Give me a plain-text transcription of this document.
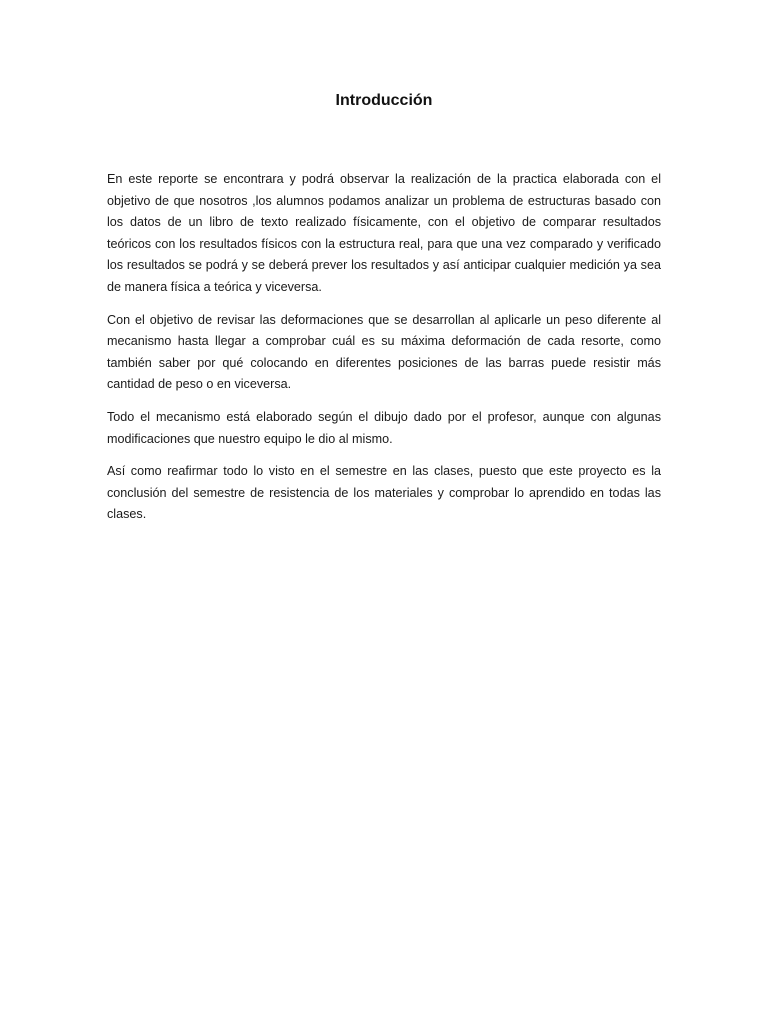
Introducción

En este reporte se encontrara y podrá observar la realización de la practica elaborada con el objetivo de que nosotros ,los alumnos podamos analizar un problema de estructuras basado con los datos de un libro de texto realizado físicamente, con el objetivo de comparar resultados teóricos con los resultados físicos con la estructura real, para que una vez comparado y verificado los resultados se podrá y se deberá prever los resultados y así anticipar cualquier medición ya sea de manera física a teórica y viceversa.

Con el objetivo de revisar las deformaciones que se desarrollan al aplicarle un peso diferente al mecanismo hasta llegar a comprobar cuál es su máxima deformación de cada resorte, como también saber por qué colocando en diferentes posiciones de las barras puede resistir más cantidad de peso o en viceversa.

Todo el mecanismo está elaborado según el dibujo dado por el profesor, aunque con algunas modificaciones que nuestro equipo le dio al mismo.

Así como reafirmar todo lo visto en el semestre en las clases, puesto que este proyecto es la conclusión del semestre de resistencia de los materiales y comprobar lo aprendido en todas las clases.
